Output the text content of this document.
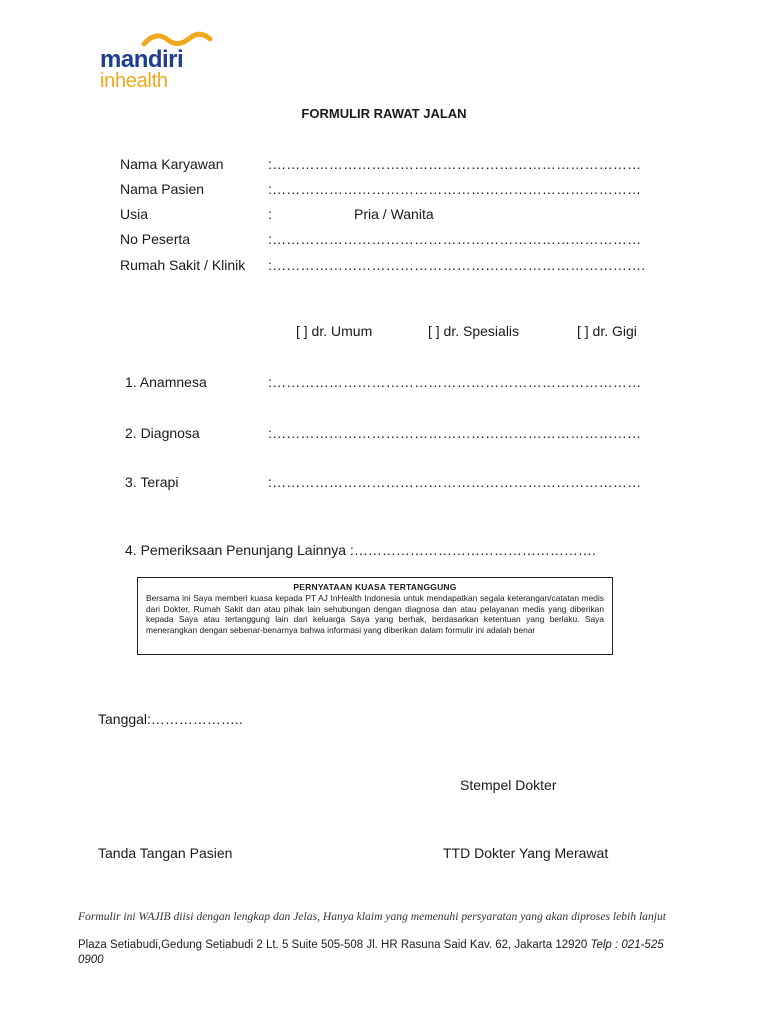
mandiri
inhealth
FORMULIR RAWAT JALAN
Nama Karyawan	:……………………………………………………………………
Nama Pasien	:……………………………………………………………………
Usia	:	Pria / Wanita
No Peserta	:……………………………………………………………………
Rumah Sakit / Klinik :…………………………………………………………………….
[ ] dr. Umum	[ ] dr. Spesialis	[ ] dr. Gigi
1. Anamnesa	:……………………………………………………………………
2. Diagnosa	:……………………………………………………………………
3. Terapi	:……………………………………………………………………
4. Pemeriksaan Penunjang Lainnya :…………………………………………….
PERNYATAAN KUASA TERTANGGUNG
Bersama ini Saya memberi kuasa kepada PT AJ InHealth Indonesia untuk mendapatkan segala keterangan/catatan medis dari Dokter, Rumah Sakit dan atau pihak lain sehubungan dengan diagnosa dan atau pelayanan medis yang diberikan kepada Saya atau tertanggung lain dari keluarga Saya yang berhak, berdasarkan ketentuan yang berlaku. Saya menerangkan dengan sebenar-benarnya bahwa informasi yang diberikan dalam formulir ini adalah benar
Tanggal:………………..
Stempel Dokter
Tanda Tangan Pasien	TTD Dokter Yang Merawat
Formulir ini WAJIB diisi dengan lengkap dan Jelas, Hanya klaim yang memenuhi persyaratan yang akan diproses lebih lanjut
Plaza Setiabudi,Gedung Setiabudi 2 Lt. 5 Suite 505-508 Jl. HR Rasuna Said Kav. 62, Jakarta 12920 Telp : 021-525 0900
